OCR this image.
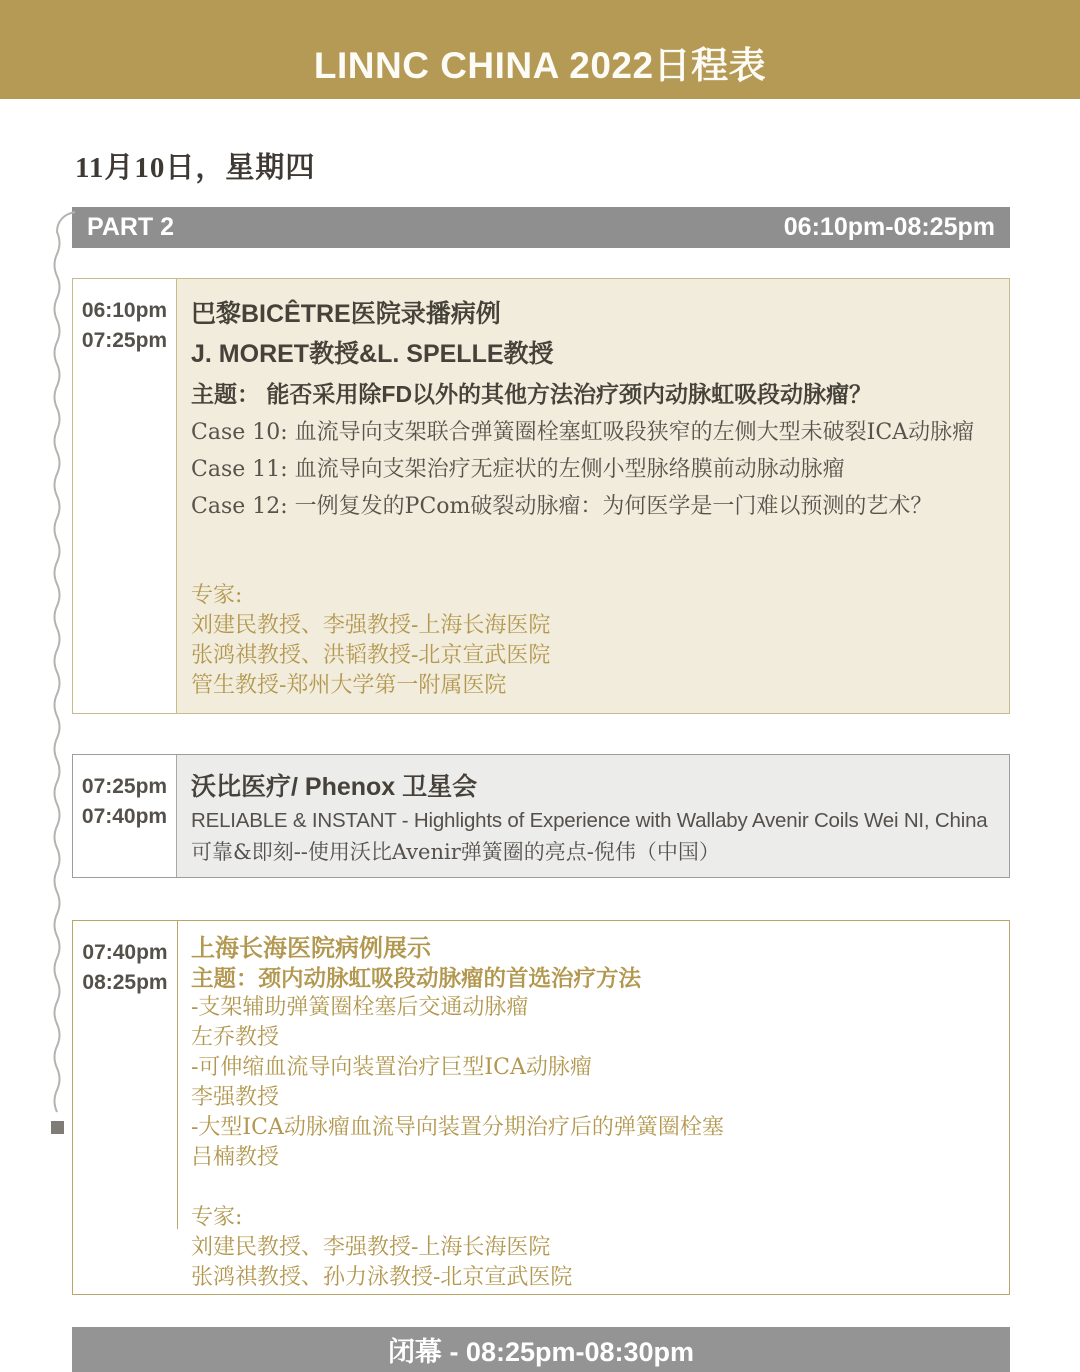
LINNC CHINA 2022日程表
11月10日，星期四
PART 2	06:10pm-08:25pm
06:10pm
07:25pm
巴黎BICÊTRE医院录播病例
J. MORET教授&L. SPELLE教授
主题： 能否采用除FD以外的其他方法治疗颈内动脉虹吸段动脉瘤？
Case 10: 血流导向支架联合弹簧圈栓塞虹吸段狭窄的左侧大型未破裂ICA动脉瘤
Case 11: 血流导向支架治疗无症状的左侧小型脉络膜前动脉动脉瘤
Case 12: 一例复发的PCom破裂动脉瘤：为何医学是一门难以预测的艺术？
专家:
刘建民教授、李强教授-上海长海医院
张鸿祺教授、洪韬教授-北京宣武医院
管生教授-郑州大学第一附属医院
07:25pm
07:40pm
沃比医疗/ Phenox 卫星会
RELIABLE & INSTANT - Highlights of Experience with Wallaby Avenir Coils Wei NI, China
可靠&即刻--使用沃比Avenir弹簧圈的亮点-倪伟（中国）
07:40pm
08:25pm
上海长海医院病例展示
主题：颈内动脉虹吸段动脉瘤的首选治疗方法
-支架辅助弹簧圈栓塞后交通动脉瘤
左乔教授
-可伸缩血流导向装置治疗巨型ICA动脉瘤
李强教授
-大型ICA动脉瘤血流导向装置分期治疗后的弹簧圈栓塞
吕楠教授
专家:
刘建民教授、李强教授-上海长海医院
张鸿祺教授、孙力泳教授-北京宣武医院
闭幕 - 08:25pm-08:30pm
